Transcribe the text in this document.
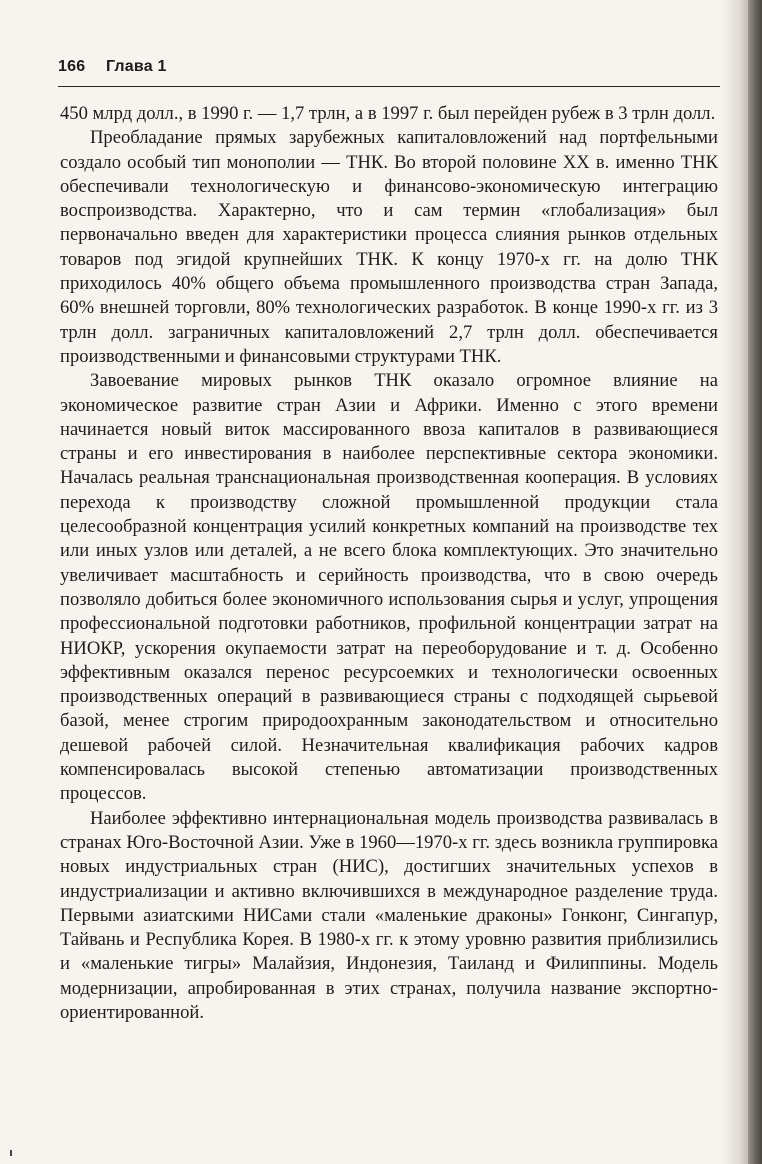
166 Глава 1

450 млрд долл., в 1990 г. — 1,7 трлн, а в 1997 г. был перейден рубеж в 3 трлн долл.

Преобладание прямых зарубежных капиталовложений над портфельными создало особый тип монополии — ТНК. Во второй половине XX в. именно ТНК обеспечивали технологическую и финансово-экономическую интеграцию воспроизводства. Характерно, что и сам термин «глобализация» был первоначально введен для характеристики процесса слияния рынков отдельных товаров под эгидой крупнейших ТНК. К концу 1970-х гг. на долю ТНК приходилось 40% общего объема промышленного производства стран Запада, 60% внешней торговли, 80% технологических разработок. В конце 1990-х гг. из 3 трлн долл. заграничных капиталовложений 2,7 трлн долл. обеспечивается производственными и финансовыми структурами ТНК.

Завоевание мировых рынков ТНК оказало огромное влияние на экономическое развитие стран Азии и Африки. Именно с этого времени начинается новый виток массированного ввоза капиталов в развивающиеся страны и его инвестирования в наиболее перспективные сектора экономики. Началась реальная транснациональная производственная кооперация. В условиях перехода к производству сложной промышленной продукции стала целесообразной концентрация усилий конкретных компаний на производстве тех или иных узлов или деталей, а не всего блока комплектующих. Это значительно увеличивает масштабность и серийность производства, что в свою очередь позволяло добиться более экономичного использования сырья и услуг, упрощения профессиональной подготовки работников, профильной концентрации затрат на НИОКР, ускорения окупаемости затрат на переоборудование и т. д. Особенно эффективным оказался перенос ресурсоемких и технологически освоенных производственных операций в развивающиеся страны с подходящей сырьевой базой, менее строгим природоохранным законодательством и относительно дешевой рабочей силой. Незначительная квалификация рабочих кадров компенсировалась высокой степенью автоматизации производственных процессов.

Наиболее эффективно интернациональная модель производства развивалась в странах Юго-Восточной Азии. Уже в 1960—1970-х гг. здесь возникла группировка новых индустриальных стран (НИС), достигших значительных успехов в индустриализации и активно включившихся в международное разделение труда. Первыми азиатскими НИСами стали «маленькие драконы» Гонконг, Сингапур, Тайвань и Республика Корея. В 1980-х гг. к этому уровню развития приблизились и «маленькие тигры» Малайзия, Индонезия, Таиланд и Филиппины. Модель модернизации, апробированная в этих странах, получила название экспортно-ориентированной.
